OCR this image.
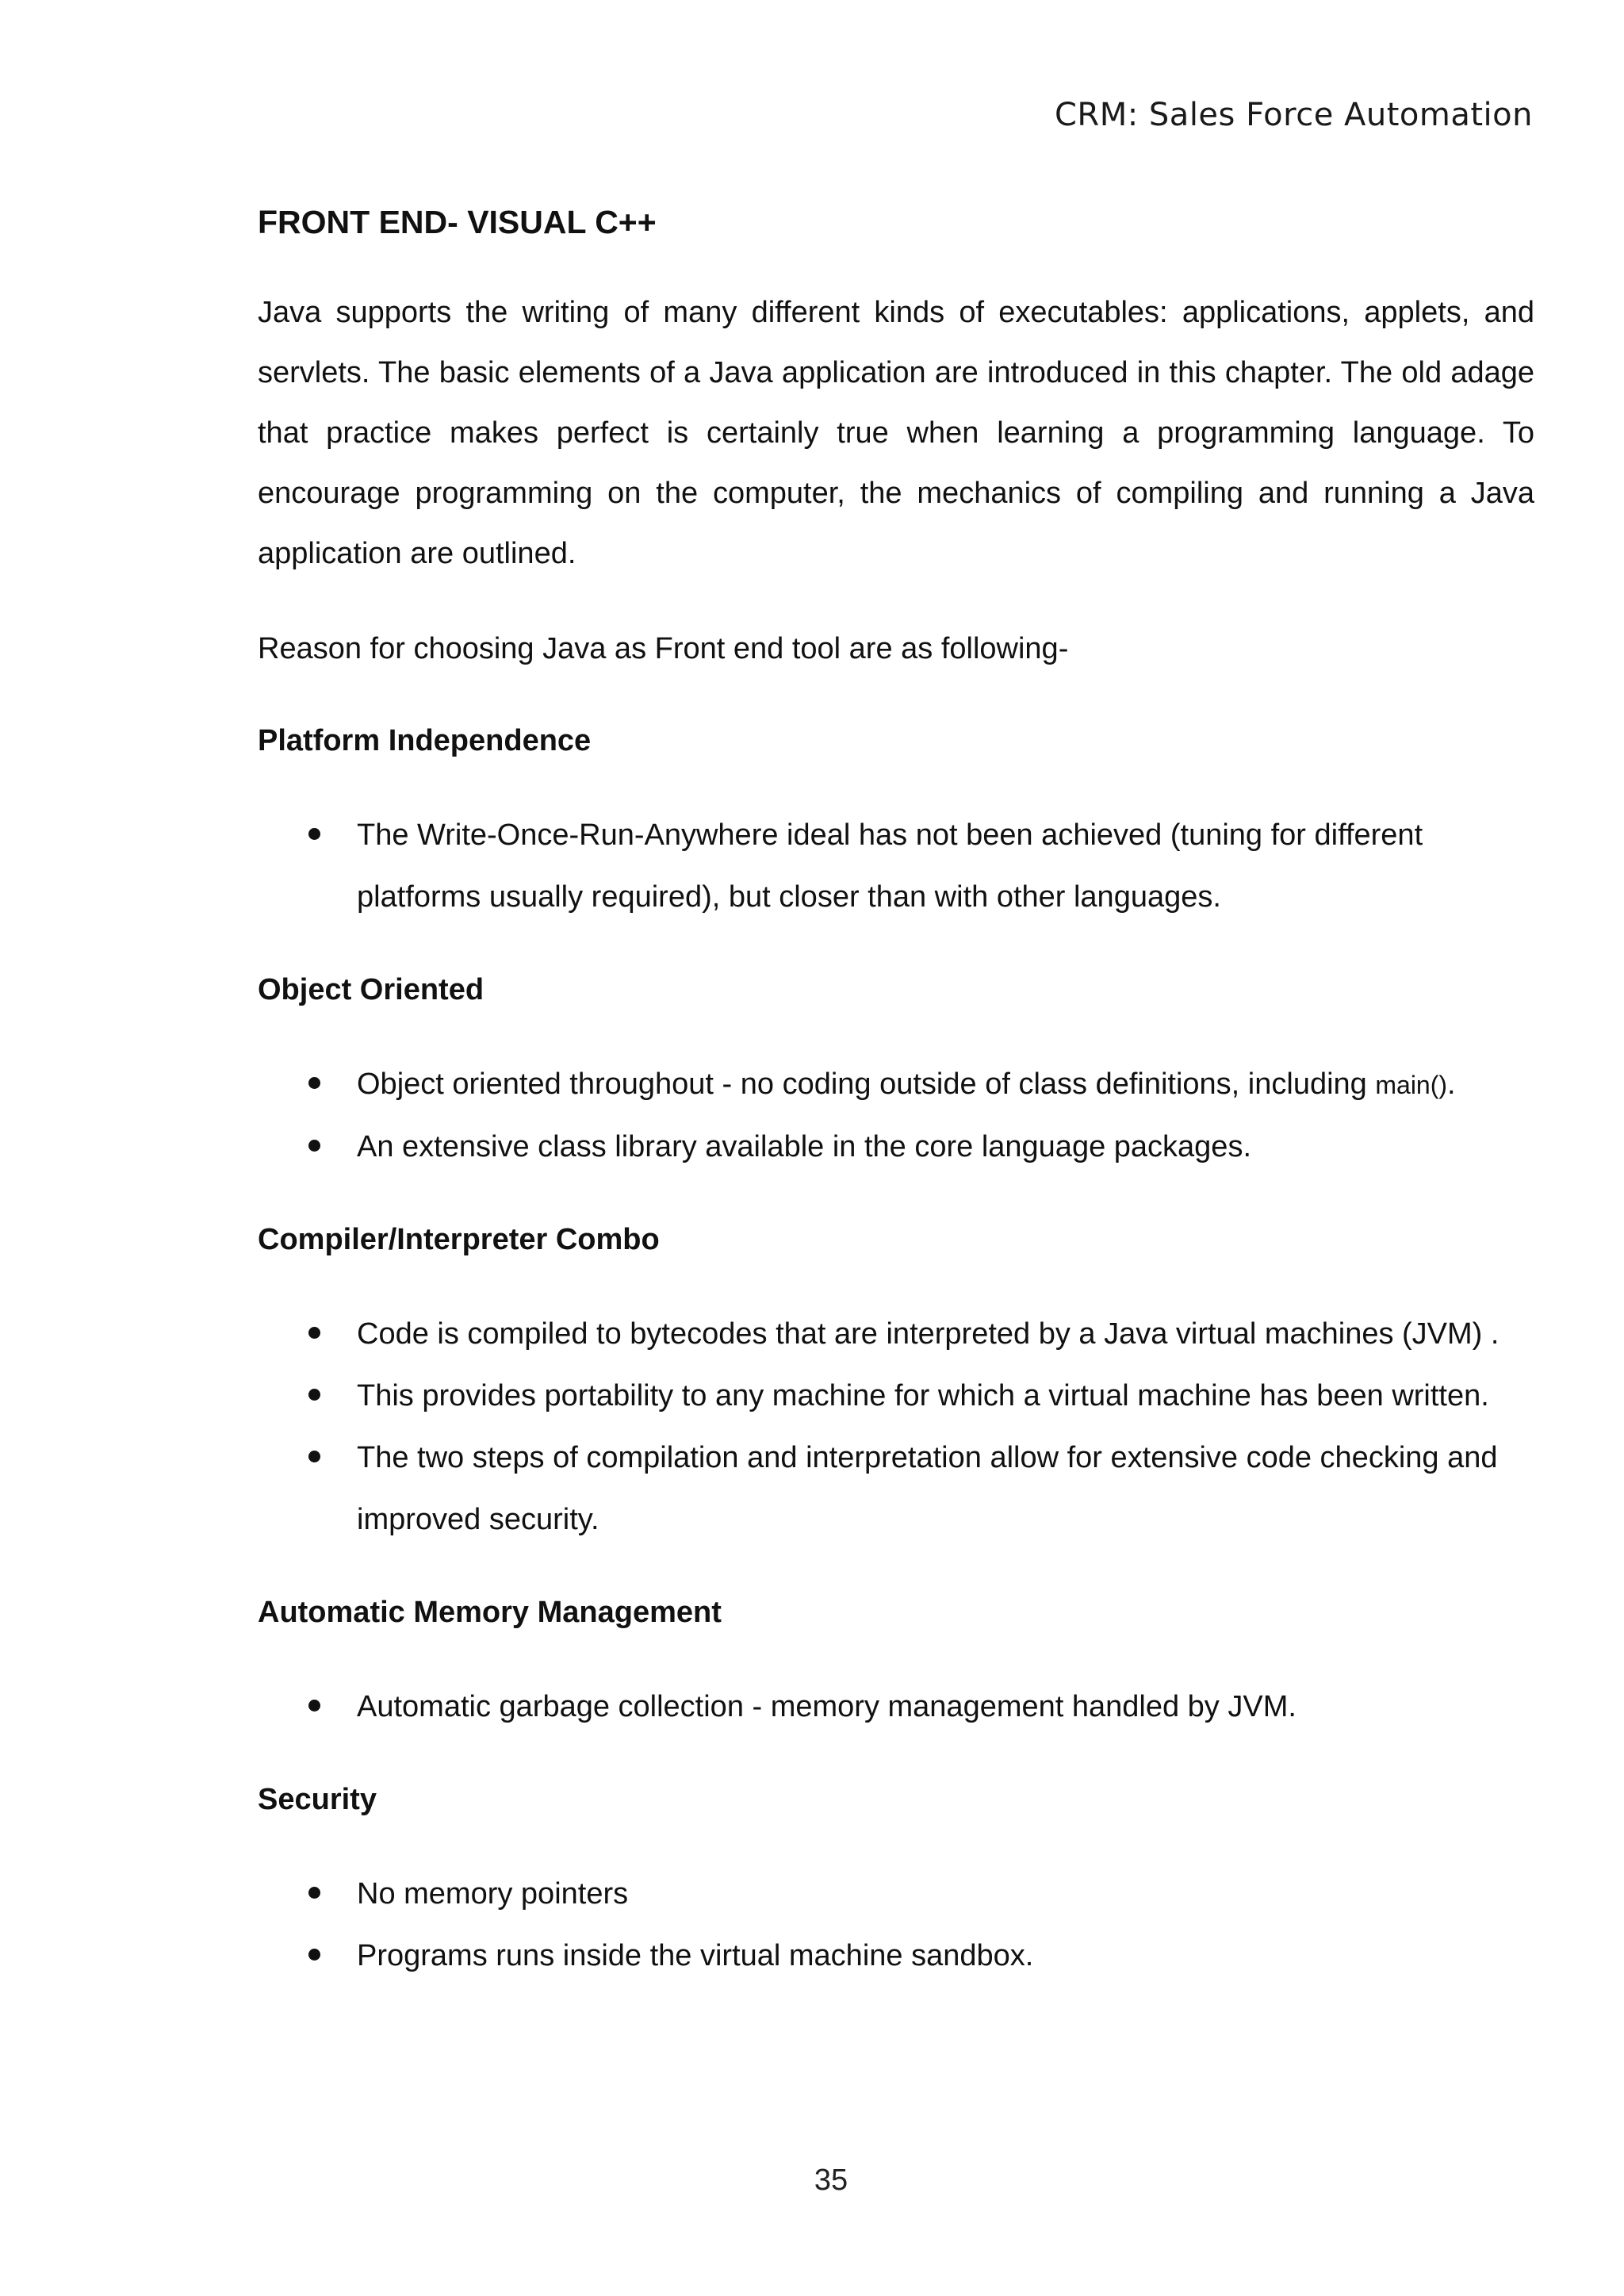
CRM: Sales Force Automation
FRONT END- VISUAL C++

Java supports the writing of many different kinds of executables: applications, applets, and servlets. The basic elements of a Java application are introduced in this chapter. The old adage that practice makes perfect is certainly true when learning a programming language. To encourage programming on the computer, the mechanics of compiling and running a Java application are outlined.

Reason for choosing Java as Front end tool are as following-

Platform Independence
The Write-Once-Run-Anywhere ideal has not been achieved (tuning for different platforms usually required), but closer than with other languages.
Object Oriented
Object oriented throughout - no coding outside of class definitions, including main().
An extensive class library available in the core language packages.
Compiler/Interpreter Combo
Code is compiled to bytecodes that are interpreted by a Java virtual machines (JVM) .
This provides portability to any machine for which a virtual machine has been written.
The two steps of compilation and interpretation allow for extensive code checking and improved security.
Automatic Memory Management
Automatic garbage collection - memory management handled by JVM.
Security
No memory pointers
Programs runs inside the virtual machine sandbox.
35
